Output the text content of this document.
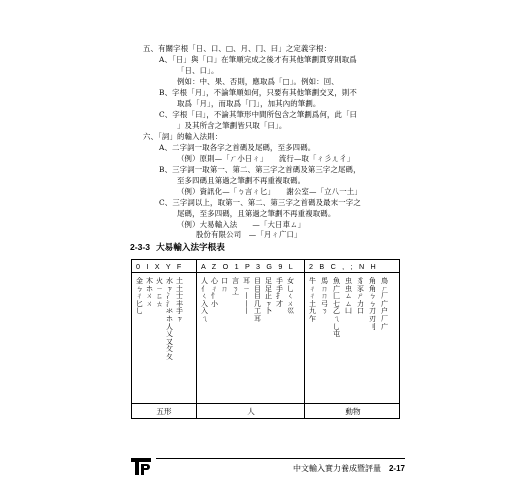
五、有關字根「日、口、□、月、冂、曰」之定義字根：
A、「日」與「口」在筆順完成之後才有其他筆劃貫穿則取爲
「日、口」。
例如：中、果、否則，應取爲「□」。例如：回、
B、字根「月」，不論筆順如何，只要有其他筆劃交叉，則不
取爲「月」，而取爲「冂」，加其內的筆劃。
C、字根「曰」，不論其筆形中間所包含之筆劃爲何，此「曰
」及其所含之筆劃皆只取「曰」。
六、「詞」的輸入法則：
A、二字詞一取各字之首碼及尾碼，至多四碼。
（例）原則—「ㄏ小日ㄔ」　　流行—取「ㄔ彡ㄦ彳」
B、三字詞一取第一、第二、第三字之首碼及第三字之尾碼，
至多四碼且第過之筆劃不再重複取碼。
（例）資訊化—「ㄅ言ㄔ匕」　　謝公室—「立八一土」
C、三字詞以上，取第一、第二、第三字之首碼及最末一字之
尾碼，至多四碼，且第過之筆劃不再重複取碼。
（例）大易輸入法　　—「大日車ㄙ」
股份有限公司　—「月ㄔ广口」
2-3-3 大易輸入法字根表
0 I X Y F
金ㄅㄔ匕乚
木ホㄨㄨ
火ㄧㄈㄊ
水ㄗ冫氵氺ホ人乂又攵夂
土土士丰手ㄗ
五形
A Z O 1 P 3 G 9 L
人亻ㄑ入入ㄟ
心ㄔ忄小
口ㄇ
言ㄋ亠
耳ㄧ丨丨丨
目目目几工耳
足足止ㄗ卜
手手扌才
女乚ㄑㄨ巛
人
2 B C , ; N H
牛ㄔㄔ土九乍
馬ㄇㄇ弓ㄋ
魚广匚七乙ㄟ乚屯
虫虫ㄙㄙ凵
豸豕ㄕ力口
角角ㄅㄅ刀刃刂
鳥ㄏ厂广户厂广
動物
中文輸入實力養成暨評量 2-17
